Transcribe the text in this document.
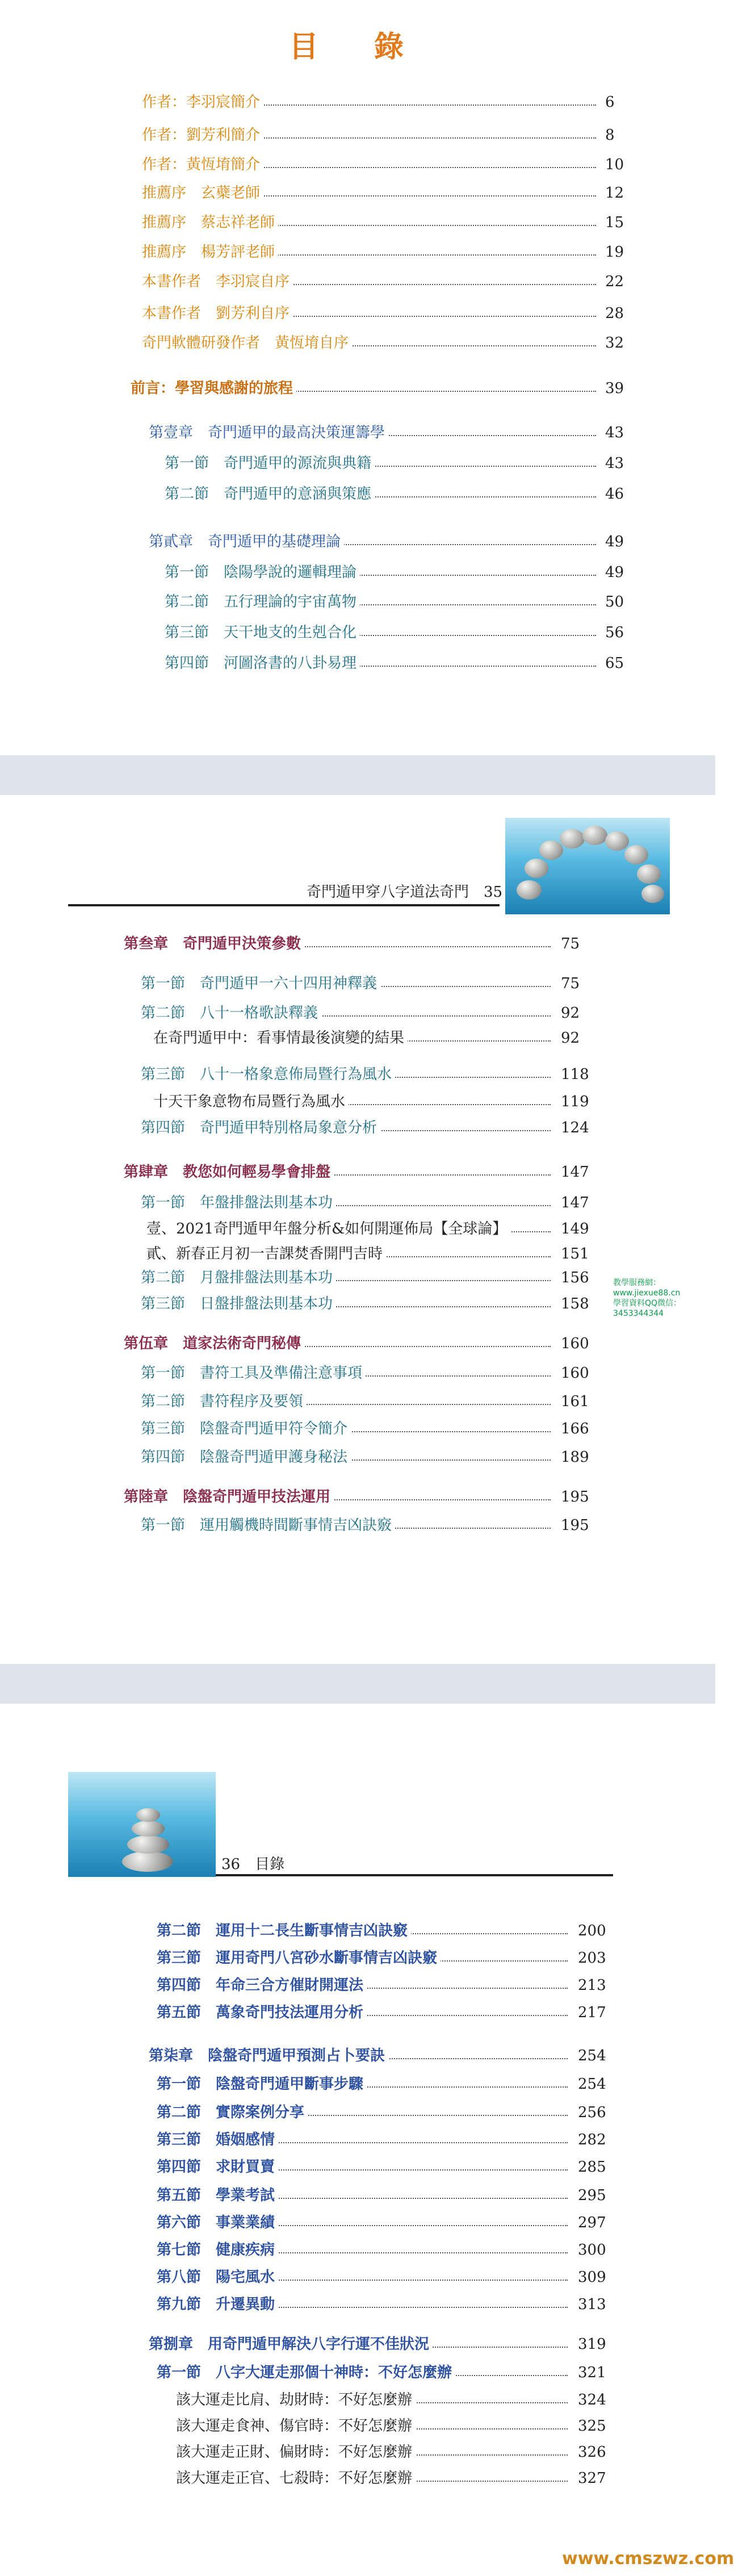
目 錄
奇門遁甲穿八字道法奇門　35
教學服務網：www.jiexue88.cn
學習資料QQ微信：3453344344
36　目錄
www.cmszwz.com
作者：李羽宸簡介	6
作者：劉芳利簡介	8
作者：黃恆堉簡介	10
推薦序　玄蘗老師	12
推薦序　蔡志祥老師	15
推薦序　楊芳評老師	19
本書作者　李羽宸自序	22
本書作者　劉芳利自序	28
奇門軟體研發作者　黃恆堉自序	32
前言：學習與感謝的旅程	39
第壹章　奇門遁甲的最高決策運籌學	43
第一節　奇門遁甲的源流與典籍	43
第二節　奇門遁甲的意涵與策應	46
第貳章　奇門遁甲的基礎理論	49
第一節　陰陽學說的邏輯理論	49
第二節　五行理論的宇宙萬物	50
第三節　天干地支的生剋合化	56
第四節　河圖洛書的八卦易理	65
第叁章　奇門遁甲決策參數	75
第一節　奇門遁甲一六十四用神釋義	75
第二節　八十一格歌訣釋義	92
在奇門遁甲中：看事情最後演變的結果	92
第三節　八十一格象意佈局暨行為風水	118
十天干象意物布局暨行為風水	119
第四節　奇門遁甲特別格局象意分析	124
第肆章　教您如何輕易學會排盤	147
第一節　年盤排盤法則基本功	147
壹、2021奇門遁甲年盤分析&如何開運佈局【全球論】	149
貳、新春正月初一吉課焚香開門吉時	151
第二節　月盤排盤法則基本功	156
第三節　日盤排盤法則基本功	158
第伍章　道家法術奇門秘傳	160
第一節　書符工具及準備注意事項	160
第二節　書符程序及要領	161
第三節　陰盤奇門遁甲符令簡介	166
第四節　陰盤奇門遁甲護身秘法	189
第陸章　陰盤奇門遁甲技法運用	195
第一節　運用觸機時間斷事情吉凶訣竅	195
第二節　運用十二長生斷事情吉凶訣竅	200
第三節　運用奇門八宮砂水斷事情吉凶訣竅	203
第四節　年命三合方催財開運法	213
第五節　萬象奇門技法運用分析	217
第柒章　陰盤奇門遁甲預測占卜要訣	254
第一節　陰盤奇門遁甲斷事步驟	254
第二節　實際案例分享	256
第三節　婚姻感情	282
第四節　求財買賣	285
第五節　學業考試	295
第六節　事業業績	297
第七節　健康疾病	300
第八節　陽宅風水	309
第九節　升遷異動	313
第捌章　用奇門遁甲解決八字行運不佳狀況	319
第一節　八字大運走那個十神時：不好怎麼辦	321
該大運走比肩、劫財時：不好怎麼辦	324
該大運走食神、傷官時：不好怎麼辦	325
該大運走正財、偏財時：不好怎麼辦	326
該大運走正官、七殺時：不好怎麼辦	327
